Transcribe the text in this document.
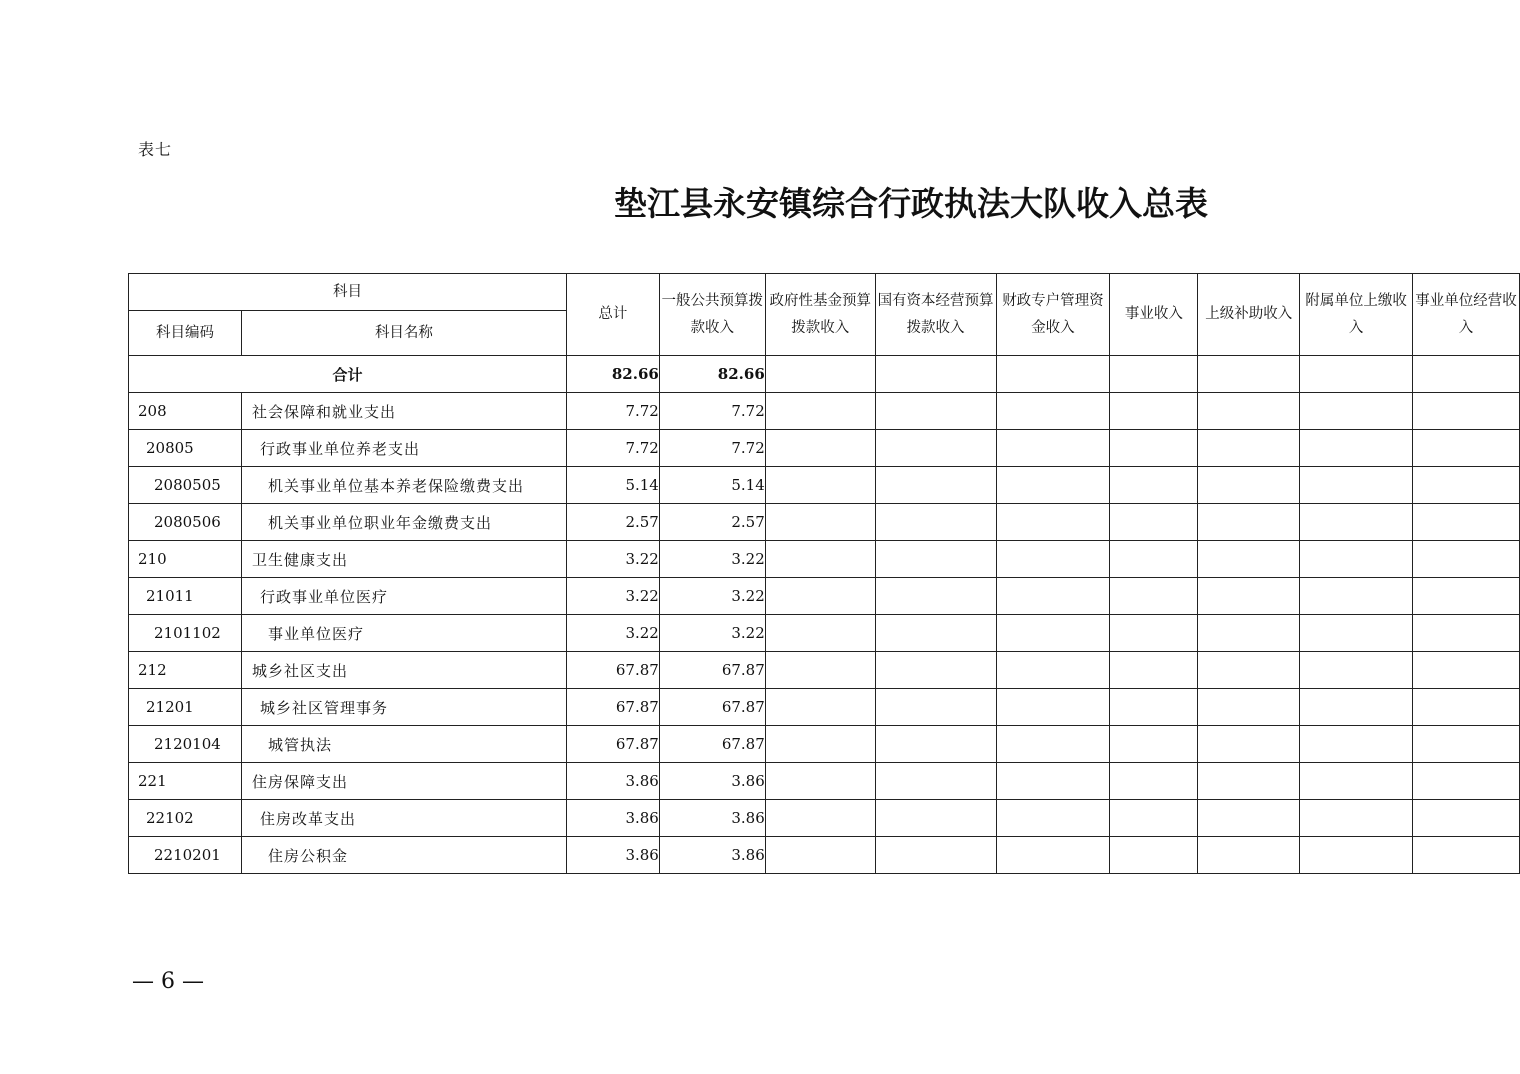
表七
垫江县永安镇综合行政执法大队收入总表
科目		总计	一般公共预算拨款收入	政府性基金预算拨款收入	国有资本经营预算拨款收入	财政专户管理资金收入	事业收入	上级补助收入	附属单位上缴收入	事业单位经营收入
科目编码	科目名称									
合计		82.66	82.66							
208	社会保障和就业支出	7.72	7.72							
20805	行政事业单位养老支出	7.72	7.72							
2080505	机关事业单位基本养老保险缴费支出	5.14	5.14							
2080506	机关事业单位职业年金缴费支出	2.57	2.57							
210	卫生健康支出	3.22	3.22							
21011	行政事业单位医疗	3.22	3.22							
2101102	事业单位医疗	3.22	3.22							
212	城乡社区支出	67.87	67.87							
21201	城乡社区管理事务	67.87	67.87							
2120104	城管执法	67.87	67.87							
221	住房保障支出	3.86	3.86							
22102	住房改革支出	3.86	3.86							
2210201	住房公积金	3.86	3.86							
— 6 —
